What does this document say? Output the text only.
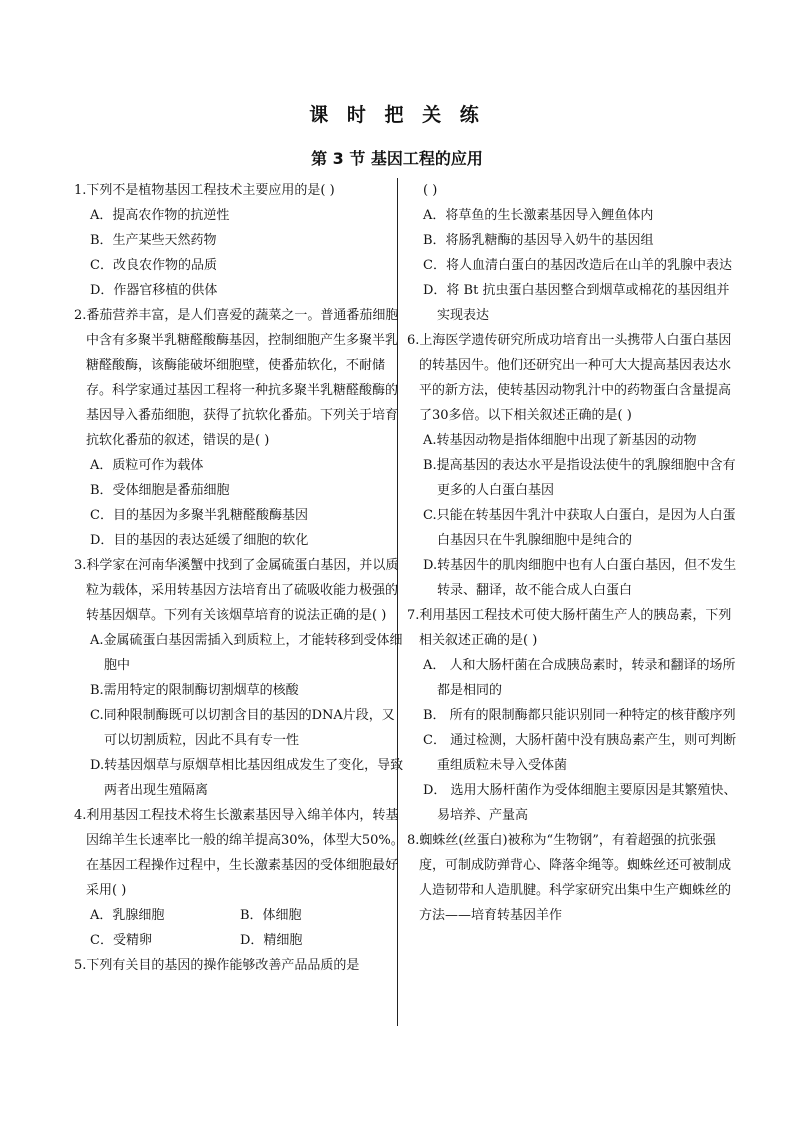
课 时 把 关 练
第 3 节 基因工程的应用
1.下列不是植物基因工程技术主要应用的是( )
A．提高农作物的抗逆性
B．生产某些天然药物
C．改良农作物的品质
D．作器官移植的供体
2.番茄营养丰富，是人们喜爱的蔬菜之一。普通番茄细胞中含有多聚半乳糖醛酸酶基因，控制细胞产生多聚半乳糖醛酸酶，该酶能破坏细胞壁，使番茄软化，不耐储存。科学家通过基因工程将一种抗多聚半乳糖醛酸酶的基因导入番茄细胞，获得了抗软化番茄。下列关于培育抗软化番茄的叙述，错误的是( )
A．质粒可作为载体
B．受体细胞是番茄细胞
C．目的基因为多聚半乳糖醛酸酶基因
D．目的基因的表达延缓了细胞的软化
3.科学家在河南华溪蟹中找到了金属硫蛋白基因，并以质粒为载体，采用转基因方法培育出了硫吸收能力极强的转基因烟草。下列有关该烟草培育的说法正确的是( )
A.金属硫蛋白基因需插入到质粒上，才能转移到受体细胞中
B.需用特定的限制酶切割烟草的核酸
C.同种限制酶既可以切割含目的基因的DNA片段，又可以切割质粒，因此不具有专一性
D.转基因烟草与原烟草相比基因组成发生了变化，导致两者出现生殖隔离
4.利用基因工程技术将生长激素基因导入绵羊体内，转基因绵羊生长速率比一般的绵羊提高30%，体型大50%。在基因工程操作过程中，生长激素基因的受体细胞最好采用( )
A．乳腺细胞	B．体细胞
C．受精卵	D．精细胞
5.下列有关目的基因的操作能够改善产品品质的是
( )
A．将草鱼的生长激素基因导入鲤鱼体内
B．将肠乳糖酶的基因导入奶牛的基因组
C．将人血清白蛋白的基因改造后在山羊的乳腺中表达
D．将 Bt 抗虫蛋白基因整合到烟草或棉花的基因组并实现表达
6.上海医学遗传研究所成功培育出一头携带人白蛋白基因的转基因牛。他们还研究出一种可大大提高基因表达水平的新方法，使转基因动物乳汁中的药物蛋白含量提高了30多倍。以下相关叙述正确的是( )
A.转基因动物是指体细胞中出现了新基因的动物
B.提高基因的表达水平是指设法使牛的乳腺细胞中含有更多的人白蛋白基因
C.只能在转基因牛乳汁中获取人白蛋白，是因为人白蛋白基因只在牛乳腺细胞中是纯合的
D.转基因牛的肌肉细胞中也有人白蛋白基因，但不发生转录、翻译，故不能合成人白蛋白
7.利用基因工程技术可使大肠杆菌生产人的胰岛素，下列相关叙述正确的是( )
A． 人和大肠杆菌在合成胰岛素时，转录和翻译的场所都是相同的
B． 所有的限制酶都只能识别同一种特定的核苷酸序列
C． 通过检测，大肠杆菌中没有胰岛素产生，则可判断重组质粒未导入受体菌
D． 选用大肠杆菌作为受体细胞主要原因是其繁殖快、易培养、产量高
8.蜘蛛丝(丝蛋白)被称为“生物钢”，有着超强的抗张强度，可制成防弹背心、降落伞绳等。蜘蛛丝还可被制成人造韧带和人造肌腱。科学家研究出集中生产蜘蛛丝的方法——培育转基因羊作
